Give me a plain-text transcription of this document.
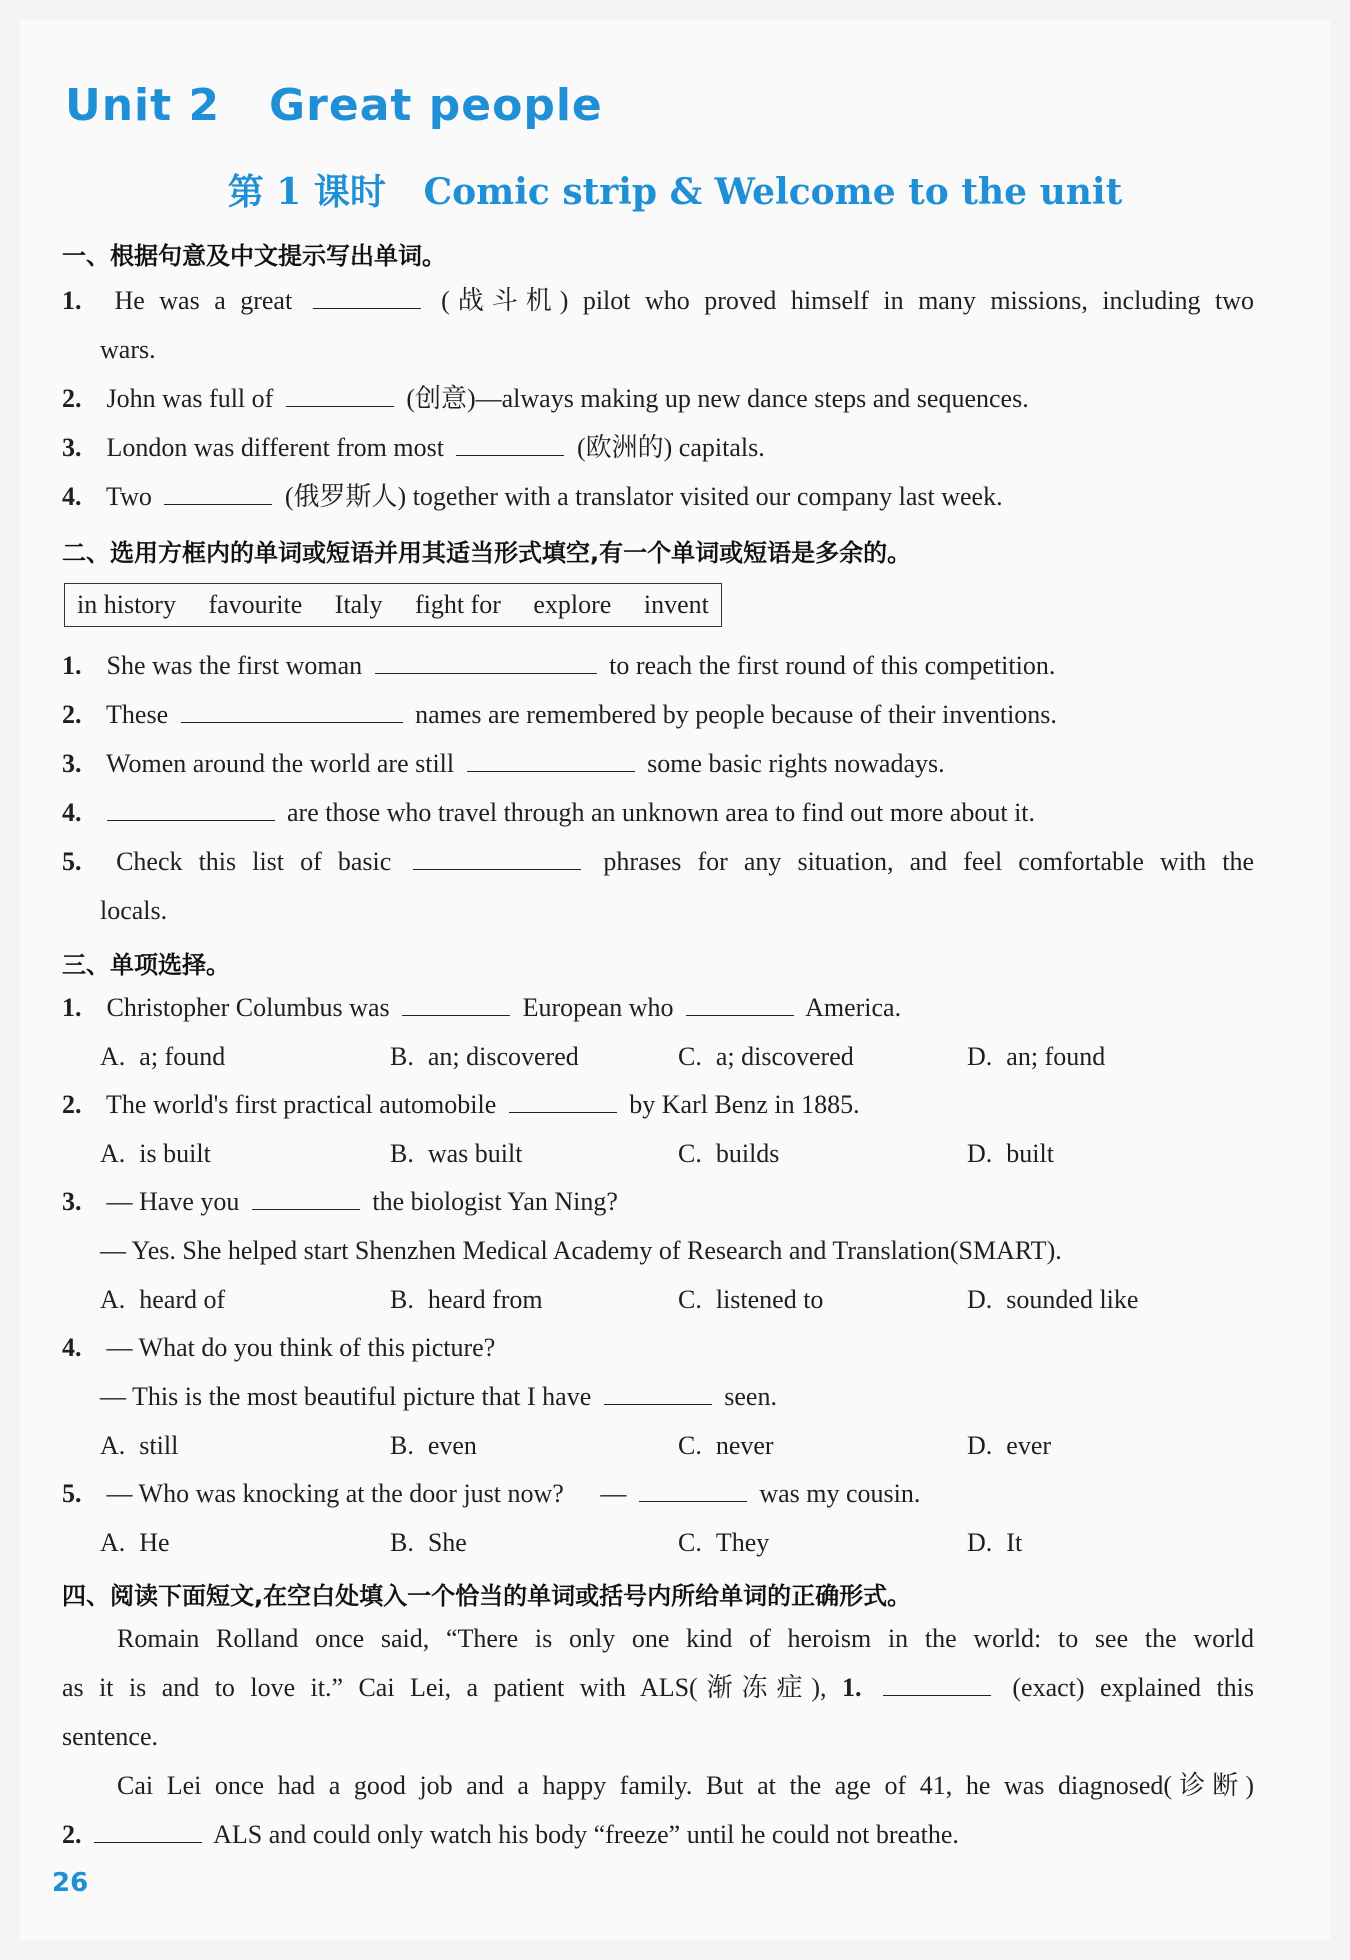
Unit 2   Great people
第 1 课时   Comic strip & Welcome to the unit
一、根据句意及中文提示写出单词。
1. He was a great	(战斗机) pilot who proved himself in many missions, including two
wars.
2. John was full of	(创意)—always making up new dance steps and sequences.
3. London was different from most	(欧洲的) capitals.
4. Two	(俄罗斯人) together with a translator visited our company last week.
二、选用方框内的单词或短语并用其适当形式填空,有一个单词或短语是多余的。
in history favourite Italy fight for explore invent
1. She was the first woman	to reach the first round of this competition.
2. These	names are remembered by people because of their inventions.
3. Women around the world are still	some basic rights nowadays.
4.	are those who travel through an unknown area to find out more about it.
5. Check this list of basic	phrases for any situation, and feel comfortable with the
locals.
三、单项选择。
1. Christopher Columbus was	European who	America.
A. a; found	B. an; discovered	C. a; discovered	D. an; found
2. The world's first practical automobile	by Karl Benz in 1885.
A. is built	B. was built	C. builds	D. built
3. — Have you	the biologist Yan Ning?
— Yes. She helped start Shenzhen Medical Academy of Research and Translation(SMART).
A. heard of	B. heard from	C. listened to	D. sounded like
4. — What do you think of this picture?
— This is the most beautiful picture that I have	seen.
A. still	B. even	C. never	D. ever
5. — Who was knocking at the door just now? —	was my cousin.
A. He	B. She	C. They	D. It
四、阅读下面短文,在空白处填入一个恰当的单词或括号内所给单词的正确形式。
Romain Rolland once said, “There is only one kind of heroism in the world: to see the world
as it is and to love it.” Cai Lei, a patient with ALS(渐冻症), 1.	(exact) explained this
sentence.
Cai Lei once had a good job and a happy family. But at the age of 41, he was diagnosed(诊断)
2.	ALS and could only watch his body “freeze” until he could not breathe.
26
